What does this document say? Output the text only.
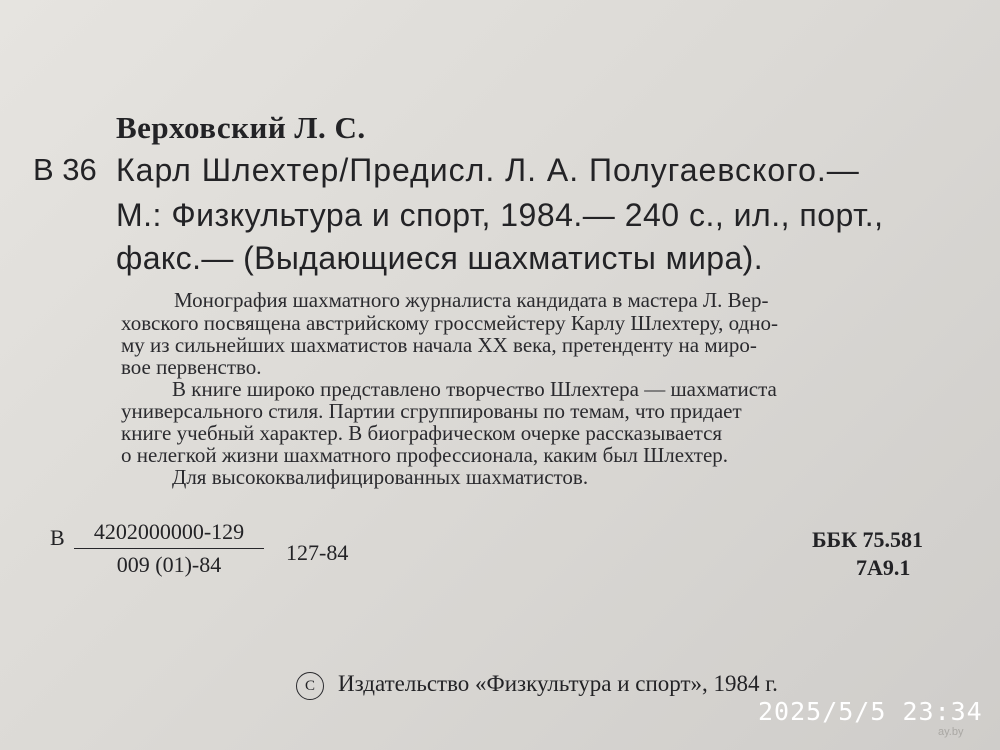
Верховский Л. С.
В 36 Карл Шлехтер/Предисл. Л. А. Полугаевского.—
М.: Физкультура и спорт, 1984.— 240 с., ил., порт.,
факс.— (Выдающиеся шахматисты мира).
Монография шахматного журналиста кандидата в мастера Л. Вер-
ховского посвящена австрийскому гроссмейстеру Карлу Шлехтеру, одно-
му из сильнейших шахматистов начала XX века, претенденту на миро-
вое первенство.
В книге широко представлено творчество Шлехтера — шахматиста
универсального стиля. Партии сгруппированы по темам, что придает
книге учебный характер. В биографическом очерке рассказывается
о нелегкой жизни шахматного профессионала, каким был Шлехтер.
Для высококвалифицированных шахматистов.
В $\frac{4202000000-129}{009 (01)-84} 127-84$
ББК 75.581
7А9.1
C Издательство «Физкультура и спорт», 1984 г.
2025/5/5 23:34
ay.by
